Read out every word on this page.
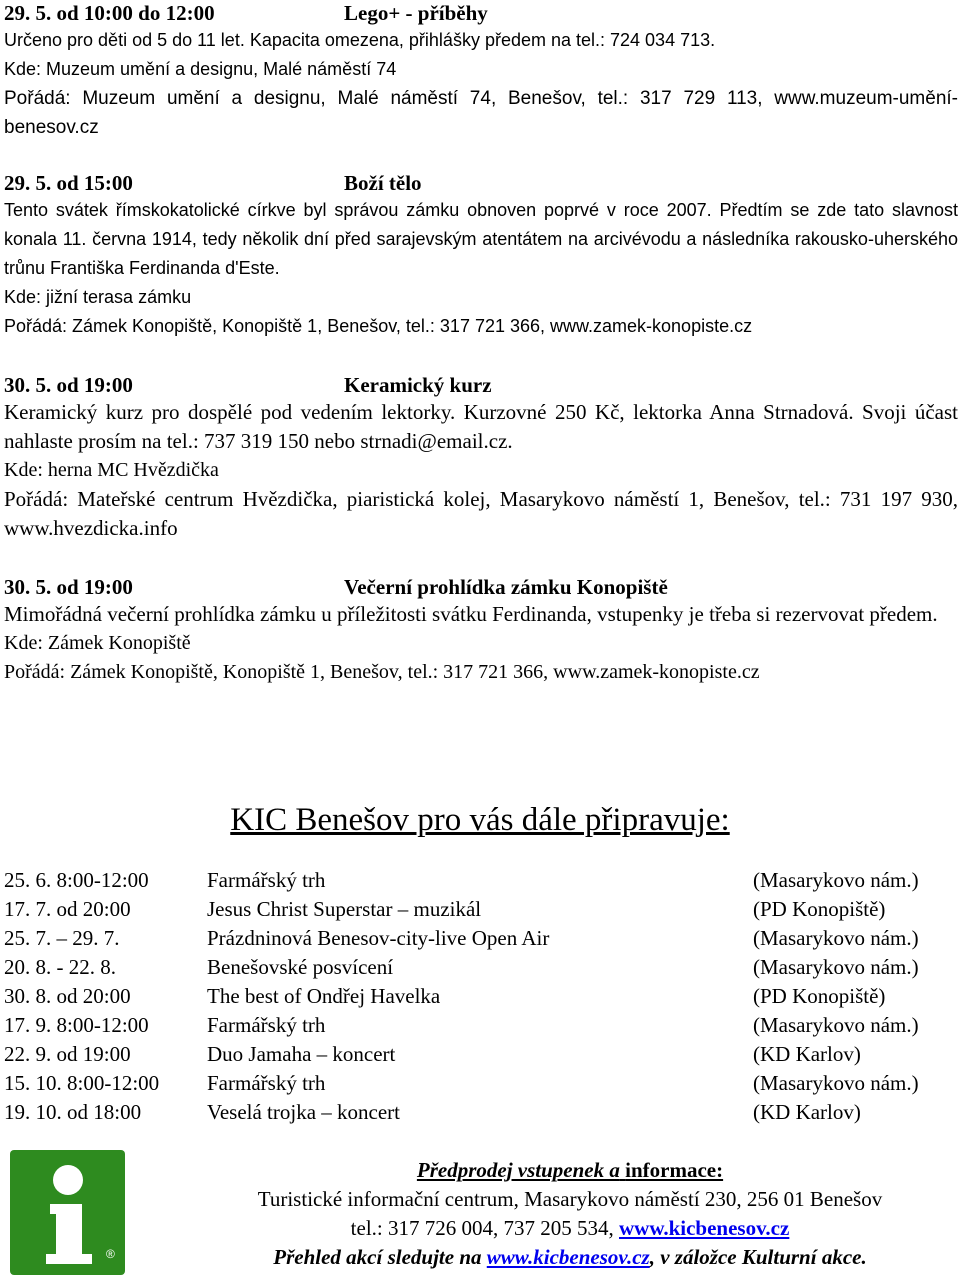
29. 5. od 10:00 do 12:00	Lego+ - příběhy
Určeno pro děti od 5 do 11 let. Kapacita omezena, přihlášky předem na tel.: 724 034 713.
Kde: Muzeum umění a designu, Malé náměstí 74
Pořádá: Muzeum umění a designu, Malé náměstí 74, Benešov, tel.: 317 729 113, www.muzeum-umění-benesov.cz
29. 5. od 15:00	Boží tělo
Tento svátek římskokatolické církve byl správou zámku obnoven poprvé v roce 2007. Předtím se zde tato slavnost konala 11. června 1914, tedy několik dní před sarajevským atentátem na arcivévodu a následníka rakousko-uherského trůnu Františka Ferdinanda d'Este.
Kde: jižní terasa zámku
Pořádá: Zámek Konopiště, Konopiště 1, Benešov, tel.: 317 721 366, www.zamek-konopiste.cz
30. 5. od 19:00	Keramický kurz
Keramický kurz pro dospělé pod vedením lektorky. Kurzovné 250 Kč, lektorka Anna Strnadová. Svoji účast nahlaste prosím na tel.: 737 319 150 nebo strnadi@email.cz.
Kde: herna MC Hvězdička
Pořádá: Mateřské centrum Hvězdička, piaristická kolej, Masarykovo náměstí 1, Benešov, tel.: 731 197 930, www.hvezdicka.info
30. 5. od 19:00	Večerní prohlídka zámku Konopiště
Mimořádná večerní prohlídka zámku u příležitosti svátku Ferdinanda, vstupenky je třeba si rezervovat předem.
Kde: Zámek Konopiště
Pořádá: Zámek Konopiště, Konopiště 1, Benešov, tel.: 317 721 366, www.zamek-konopiste.cz
KIC Benešov pro vás dále připravuje:
25. 6. 8:00-12:00	Farmářský trh	(Masarykovo nám.)
17. 7. od 20:00	Jesus Christ Superstar – muzikál	(PD Konopiště)
25. 7. – 29. 7.	Prázdninová Benesov-city-live Open Air	(Masarykovo nám.)
20. 8. - 22. 8.	Benešovské posvícení	(Masarykovo nám.)
30. 8. od 20:00	The best of Ondřej Havelka	(PD Konopiště)
17. 9. 8:00-12:00	Farmářský trh	(Masarykovo nám.)
22. 9. od 19:00	Duo Jamaha – koncert	(KD Karlov)
15. 10. 8:00-12:00	Farmářský trh	(Masarykovo nám.)
19. 10. od 18:00	Veselá trojka – koncert	(KD Karlov)
®
Předprodej vstupenek a informace:
Turistické informační centrum, Masarykovo náměstí 230, 256 01 Benešov
tel.: 317 726 004, 737 205 534, www.kicbenesov.cz
Přehled akcí sledujte na www.kicbenesov.cz, v záložce Kulturní akce.
